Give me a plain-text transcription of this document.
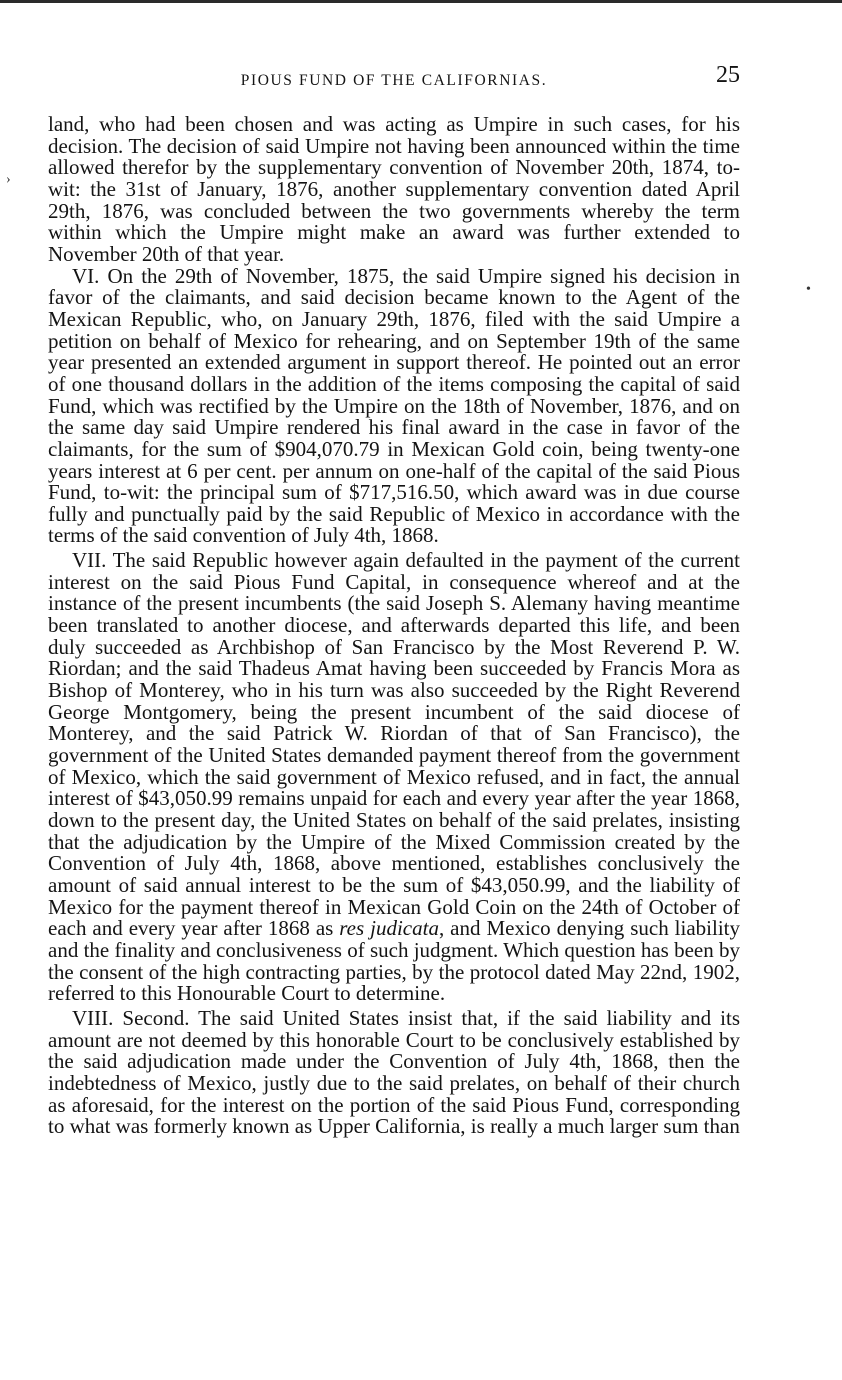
PIOUS FUND OF THE CALIFORNIAS.	25
›
•

land, who had been chosen and was acting as Umpire in such cases, for his decision. The decision of said Umpire not having been announced within the time allowed therefor by the supplementary convention of November 20th, 1874, to-wit: the 31st of January, 1876, another supplementary convention dated April 29th, 1876, was concluded between the two governments whereby the term within which the Umpire might make an award was further extended to November 20th of that year.

VI. On the 29th of November, 1875, the said Umpire signed his decision in favor of the claimants, and said decision became known to the Agent of the Mexican Republic, who, on January 29th, 1876, filed with the said Umpire a petition on behalf of Mexico for rehearing, and on September 19th of the same year presented an extended argument in support thereof. He pointed out an error of one thousand dollars in the addition of the items composing the capital of said Fund, which was rectified by the Umpire on the 18th of November, 1876, and on the same day said Umpire rendered his final award in the case in favor of the claimants, for the sum of $904,070.79 in Mexican Gold coin, being twenty-one years interest at 6 per cent. per annum on one-half of the capital of the said Pious Fund, to-wit: the principal sum of $717,516.50, which award was in due course fully and punctually paid by the said Republic of Mexico in accordance with the terms of the said convention of July 4th, 1868.

VII. The said Republic however again defaulted in the payment of the current interest on the said Pious Fund Capital, in consequence whereof and at the instance of the present incumbents (the said Joseph S. Alemany having meantime been translated to another diocese, and afterwards departed this life, and been duly succeeded as Archbishop of San Francisco by the Most Reverend P. W. Riordan; and the said Thadeus Amat having been succeeded by Francis Mora as Bishop of Monterey, who in his turn was also succeeded by the Right Reverend George Montgomery, being the present incumbent of the said diocese of Monterey, and the said Patrick W. Riordan of that of San Francisco), the government of the United States demanded payment thereof from the government of Mexico, which the said government of Mexico refused, and in fact, the annual interest of $43,050.99 remains unpaid for each and every year after the year 1868, down to the present day, the United States on behalf of the said prelates, insisting that the adjudication by the Umpire of the Mixed Commission created by the Convention of July 4th, 1868, above mentioned, establishes conclusively the amount of said annual interest to be the sum of $43,050.99, and the liability of Mexico for the payment thereof in Mexican Gold Coin on the 24th of October of each and every year after 1868 as res judicata, and Mexico denying such liability and the finality and conclusiveness of such judgment. Which question has been by the consent of the high contracting parties, by the protocol dated May 22nd, 1902, referred to this Honourable Court to determine.

VIII. Second. The said United States insist that, if the said liability and its amount are not deemed by this honorable Court to be conclusively established by the said adjudication made under the Convention of July 4th, 1868, then the indebtedness of Mexico, justly due to the said prelates, on behalf of their church as aforesaid, for the interest on the portion of the said Pious Fund, corresponding to what was formerly known as Upper California, is really a much larger sum than
